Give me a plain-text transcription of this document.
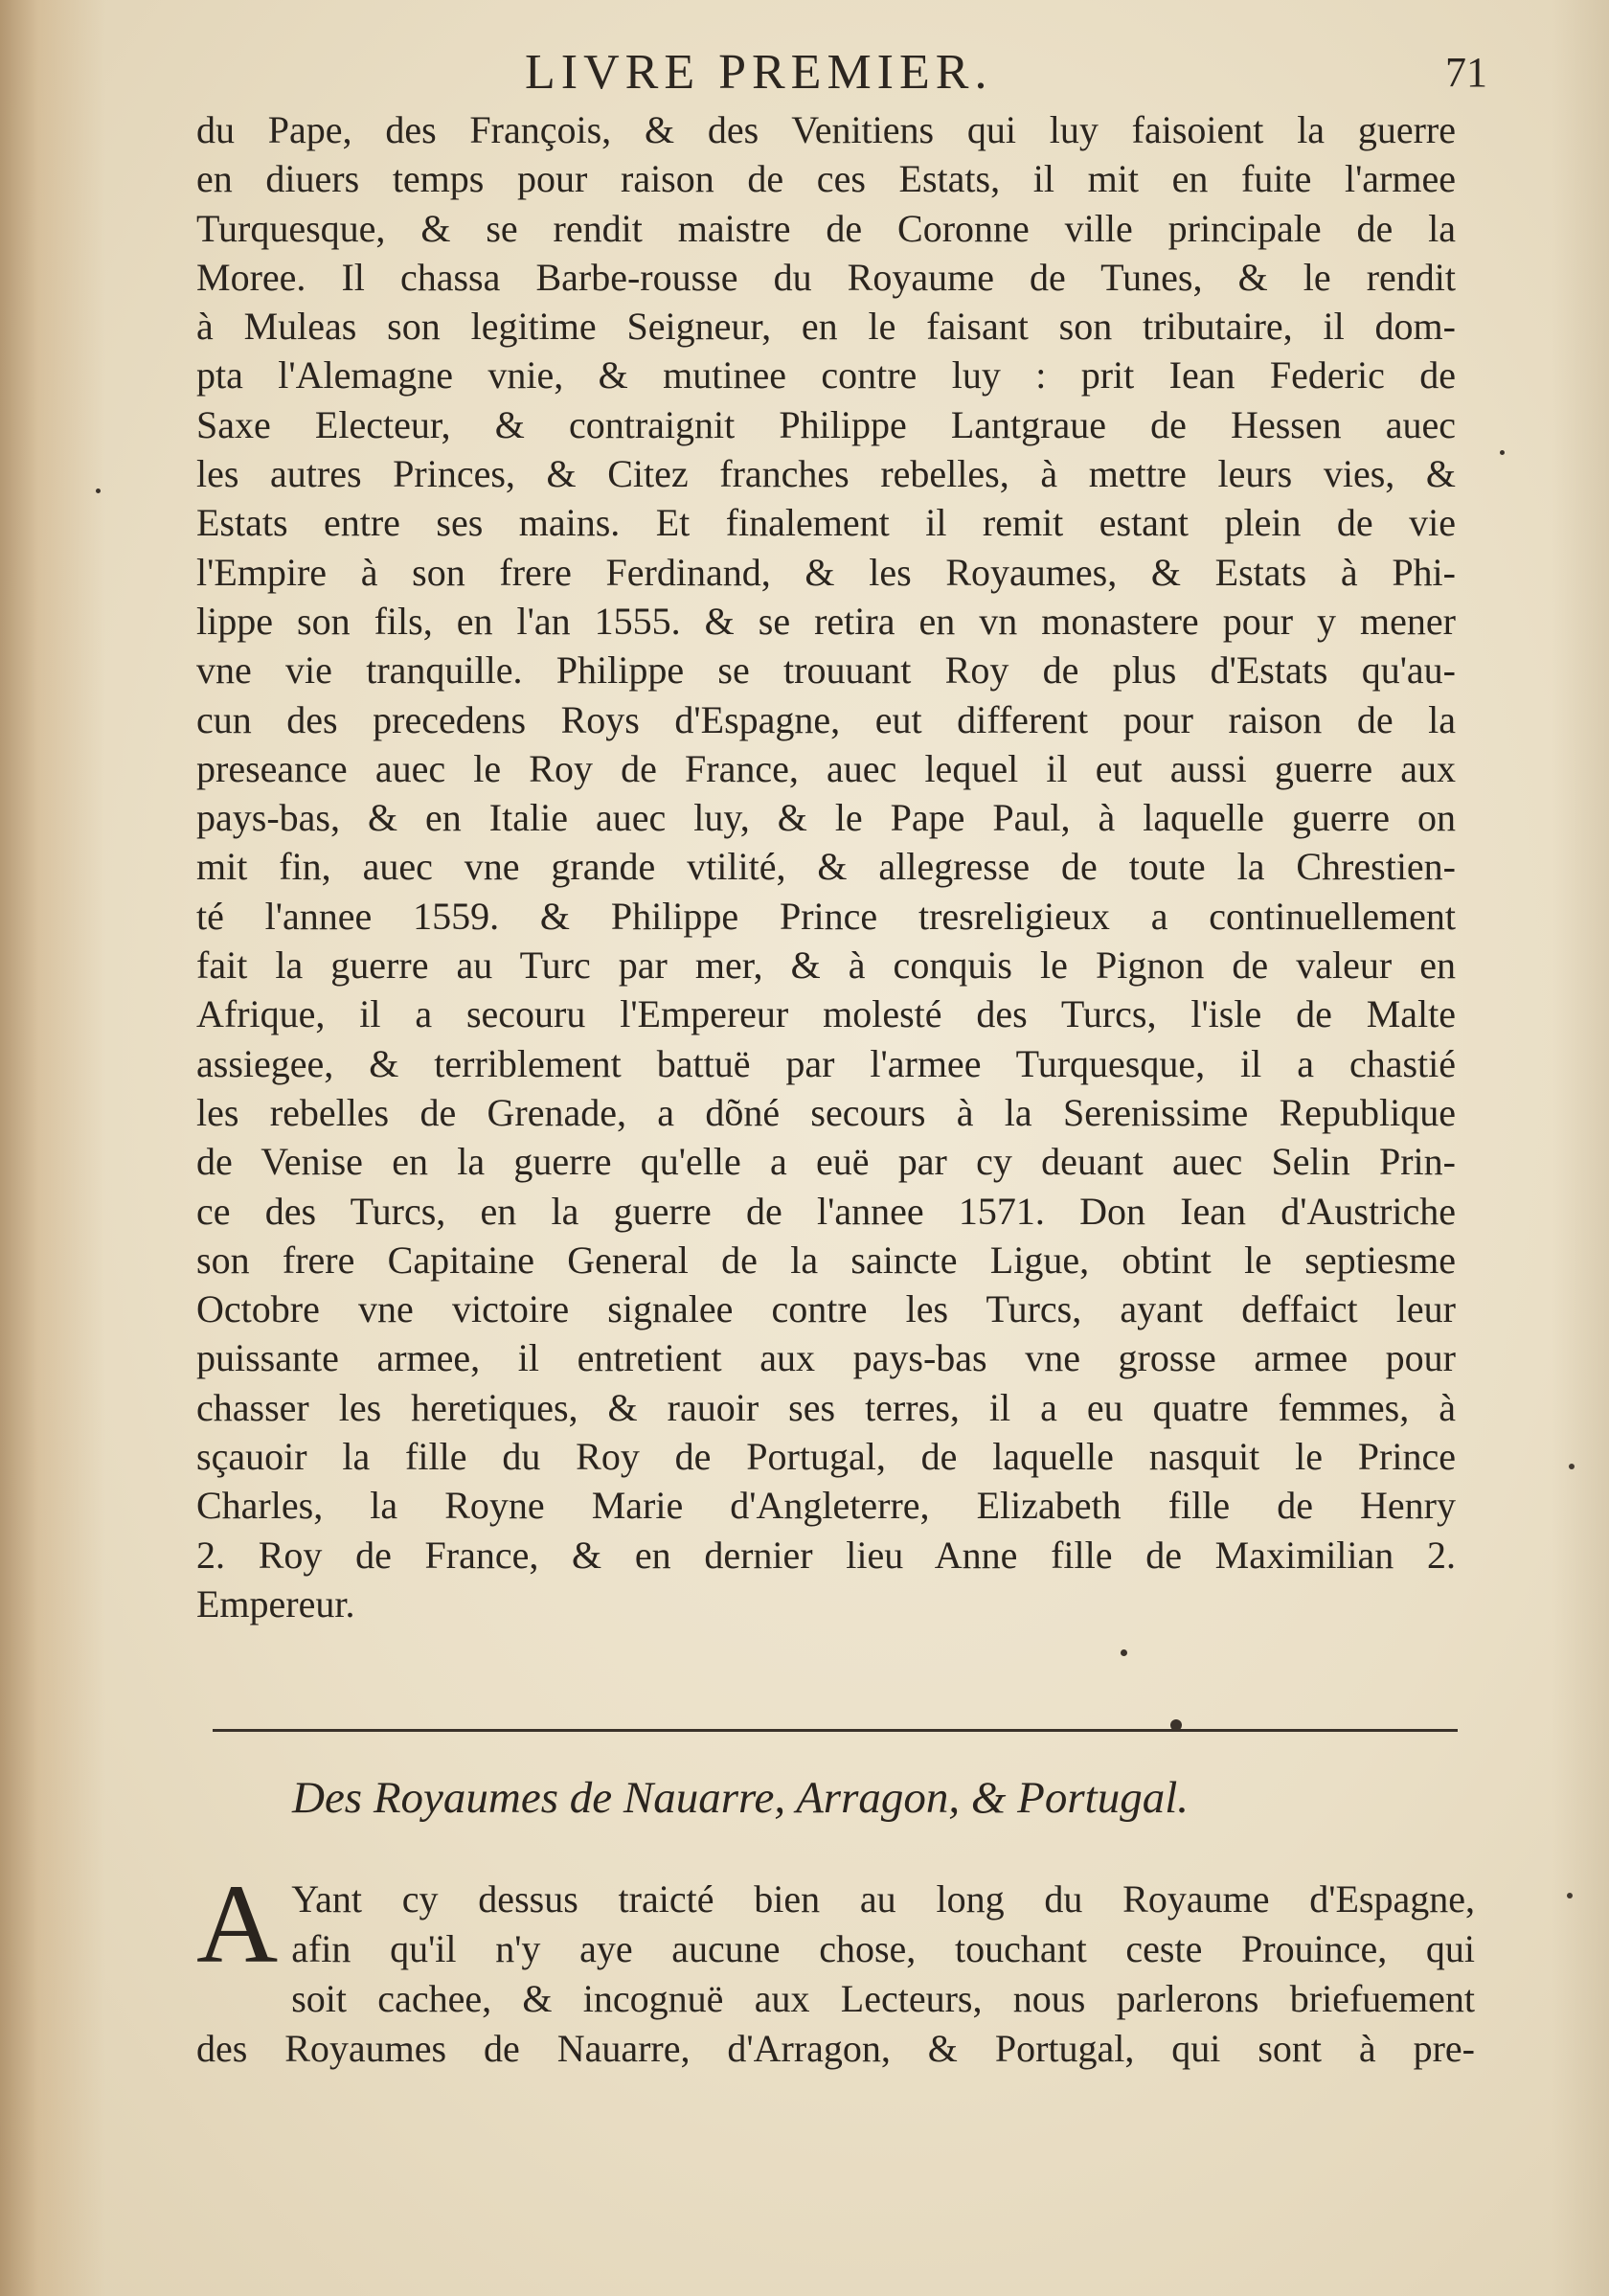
LIVRE PREMIER.	71
du Pape, des François, & des Venitiens qui luy faisoient la guerre
en diuers temps pour raison de ces Estats, il mit en fuite l'armee
Turquesque, & se rendit maistre de Coronne ville principale de la
Moree. Il chassa Barbe-rousse du Royaume de Tunes, & le rendit
à Muleas son legitime Seigneur, en le faisant son tributaire, il dom-
pta l'Alemagne vnie, & mutinee contre luy : prit Iean Federic de
Saxe Electeur, & contraignit Philippe Lantgraue de Hessen auec
les autres Princes, & Citez franches rebelles, à mettre leurs vies, &
Estats entre ses mains. Et finalement il remit estant plein de vie
l'Empire à son frere Ferdinand, & les Royaumes, & Estats à Phi-
lippe son fils, en l'an 1555. & se retira en vn monastere pour y mener
vne vie tranquille. Philippe se trouuant Roy de plus d'Estats qu'au-
cun des precedens Roys d'Espagne, eut different pour raison de la
preseance auec le Roy de France, auec lequel il eut aussi guerre aux
pays-bas, & en Italie auec luy, & le Pape Paul, à laquelle guerre on
mit fin, auec vne grande vtilité, & allegresse de toute la Chrestien-
té l'annee 1559. & Philippe Prince tresreligieux a continuellement
fait la guerre au Turc par mer, & à conquis le Pignon de valeur en
Afrique, il a secouru l'Empereur molesté des Turcs, l'isle de Malte
assiegee, & terriblement battuë par l'armee Turquesque, il a chastié
les rebelles de Grenade, a dõné secours à la Serenissime Republique
de Venise en la guerre qu'elle a euë par cy deuant auec Selin Prin-
ce des Turcs, en la guerre de l'annee 1571. Don Iean d'Austriche
son frere Capitaine General de la saincte Ligue, obtint le septiesme
Octobre vne victoire signalee contre les Turcs, ayant deffaict leur
puissante armee, il entretient aux pays-bas vne grosse armee pour
chasser les heretiques, & rauoir ses terres, il a eu quatre femmes, à
sçauoir la fille du Roy de Portugal, de laquelle nasquit le Prince
Charles, la Royne Marie d'Angleterre, Elizabeth fille de Henry
2. Roy de France, & en dernier lieu Anne fille de Maximilian 2.
Empereur.
Des Royaumes de Nauarre, Arragon, & Portugal.
A Yant cy dessus traicté bien au long du Royaume d'Espagne,
afin qu'il n'y aye aucune chose, touchant ceste Prouince, qui
soit cachee, & incognuë aux Lecteurs, nous parlerons briefuement
des Royaumes de Nauarre, d'Arragon, & Portugal, qui sont à pre-
